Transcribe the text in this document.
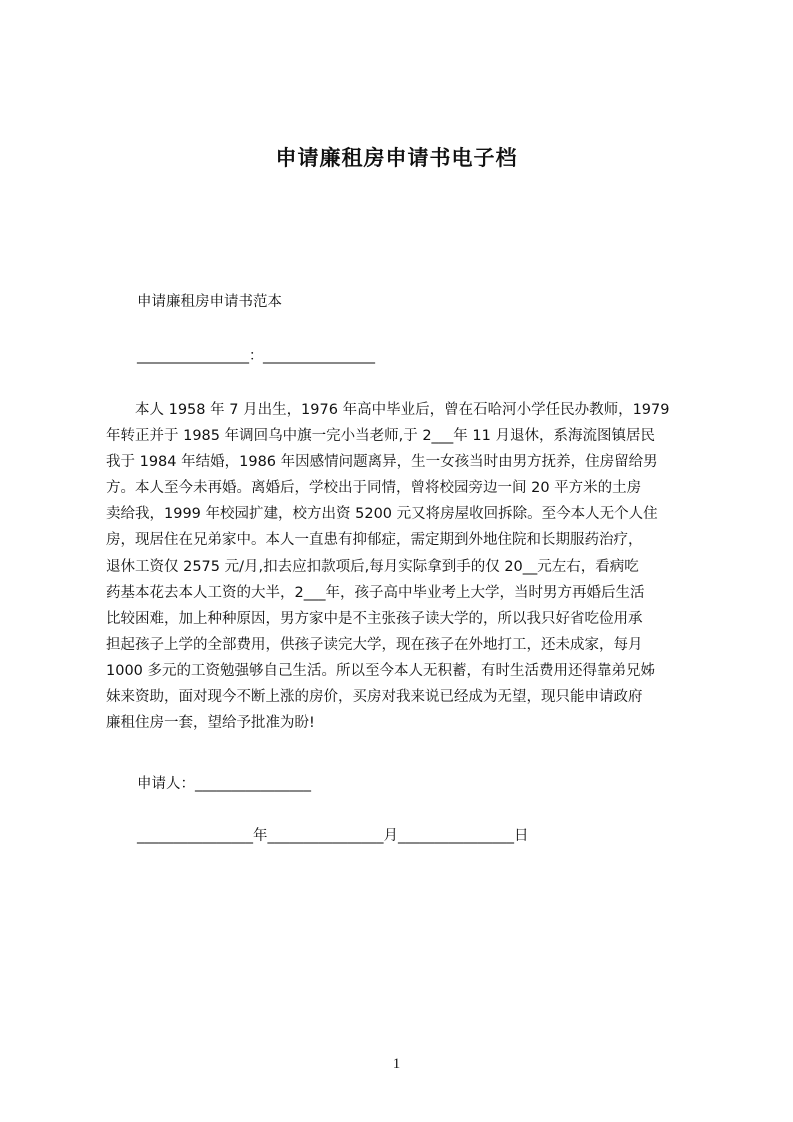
申请廉租房申请书电子档
申请廉租房申请书范本
________________：________________
　　本人 1958 年 7 月出生，1976 年高中毕业后，曾在石哈河小学任民办教师，1979
年转正并于 1985 年调回乌中旗一完小当老师,于 2___年 11 月退休，系海流图镇居民
我于 1984 年结婚，1986 年因感情问题离异，生一女孩当时由男方抚养，住房留给男
方。本人至今未再婚。离婚后，学校出于同情，曾将校园旁边一间 20 平方米的土房
卖给我，1999 年校园扩建，校方出资 5200 元又将房屋收回拆除。至今本人无个人住
房，现居住在兄弟家中。本人一直患有抑郁症，需定期到外地住院和长期服药治疗，
退休工资仅 2575 元/月,扣去应扣款项后,每月实际拿到手的仅 20__元左右，看病吃
药基本花去本人工资的大半，2___年，孩子高中毕业考上大学，当时男方再婚后生活
比较困难，加上种种原因，男方家中是不主张孩子读大学的，所以我只好省吃俭用承
担起孩子上学的全部费用，供孩子读完大学，现在孩子在外地打工，还未成家，每月
1000 多元的工资勉强够自己生活。所以至今本人无积蓄，有时生活费用还得靠弟兄姊
妹来资助，面对现今不断上涨的房价，买房对我来说已经成为无望，现只能申请政府
廉租住房一套，望给予批准为盼!
申请人：________________
________________年________________月________________日
1
